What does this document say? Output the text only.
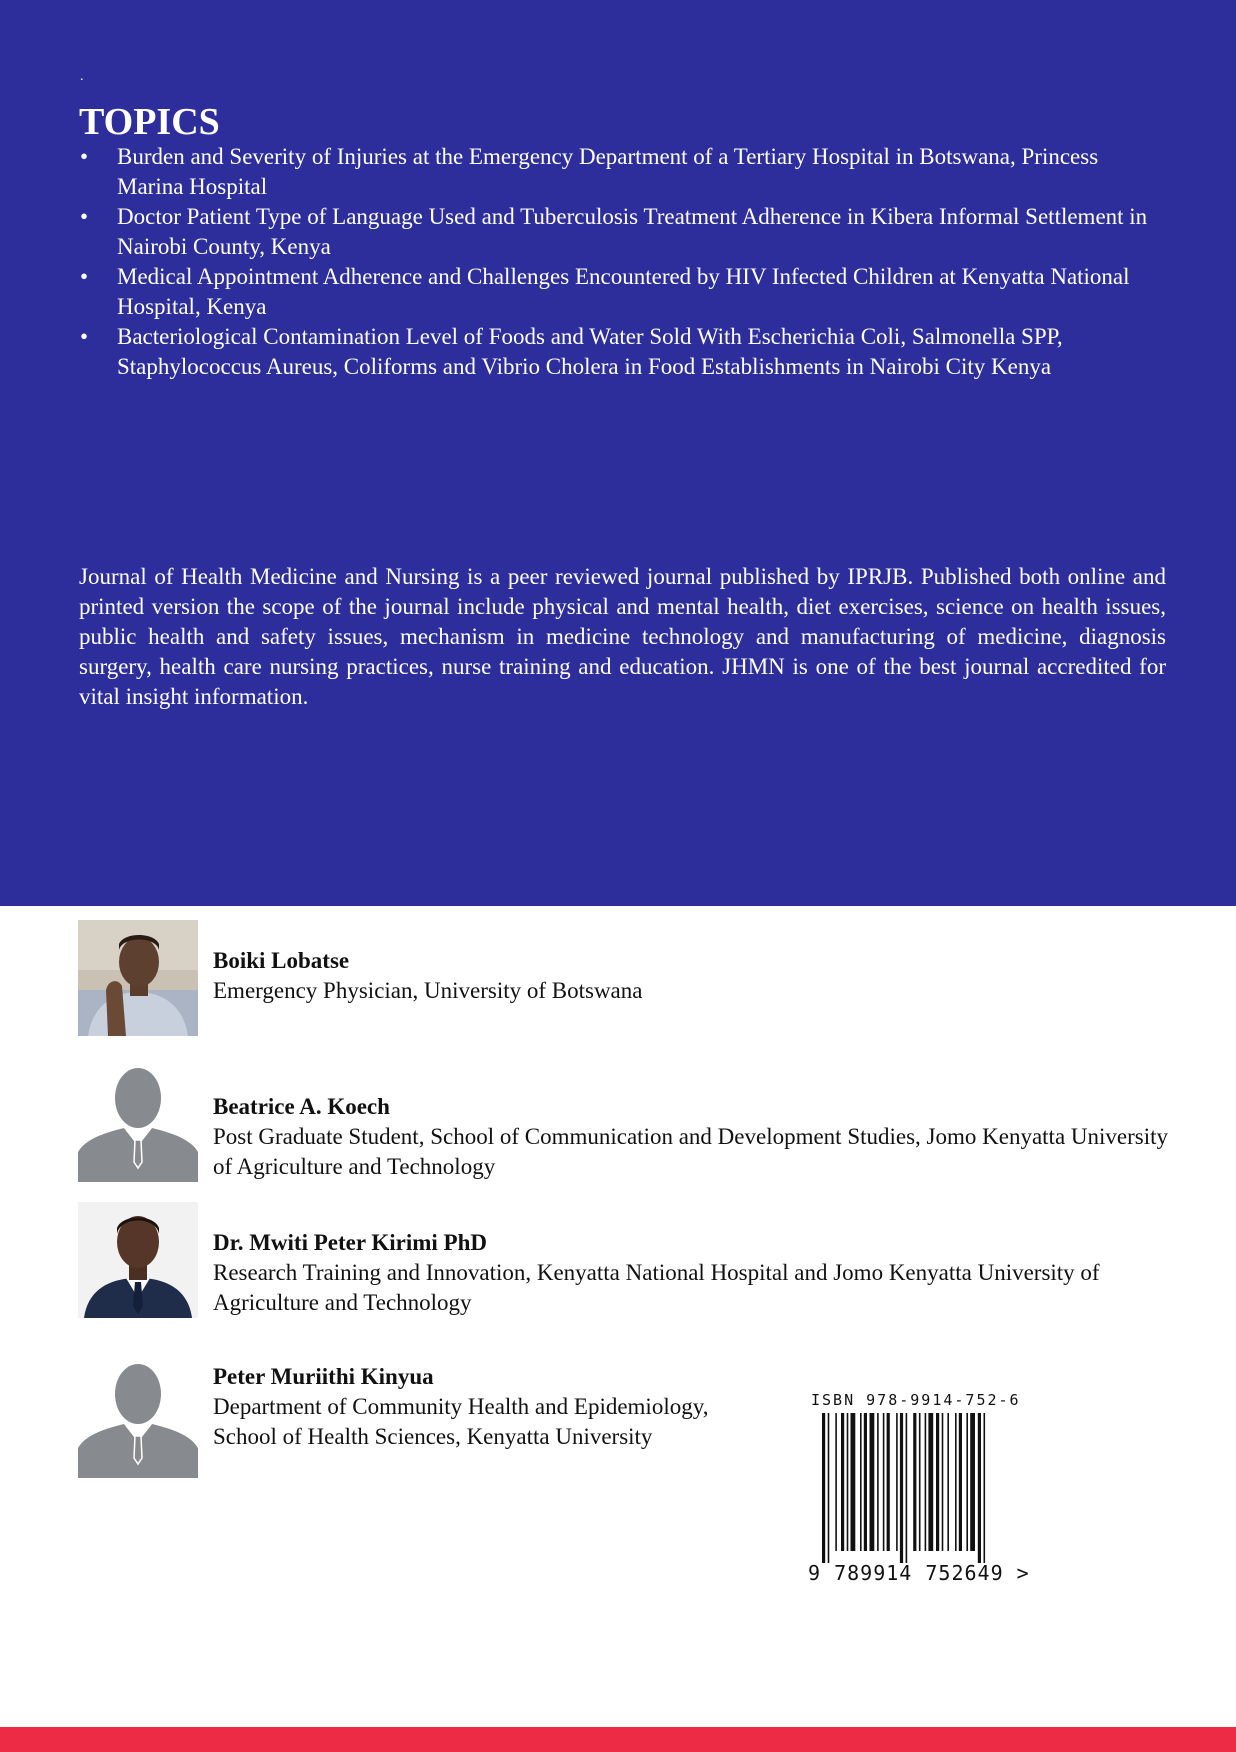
.
TOPICS
• Burden and Severity of Injuries at the Emergency Department of a Tertiary Hospital in Botswana, Princess Marina Hospital
• Doctor Patient Type of Language Used and Tuberculosis Treatment Adherence in Kibera Informal Settlement in Nairobi County, Kenya
• Medical Appointment Adherence and Challenges Encountered by HIV Infected Children at Kenyatta National Hospital, Kenya
• Bacteriological Contamination Level of Foods and Water Sold With Escherichia Coli, Salmonella SPP, Staphylococcus Aureus, Coliforms and Vibrio Cholera in Food Establishments in Nairobi City Kenya

Journal of Health Medicine and Nursing is a peer reviewed journal published by IPRJB. Published both online and printed version the scope of the journal include physical and mental health, diet exercises, science on health issues, public health and safety issues, mechanism in medicine technology and manufacturing of medicine, diagnosis surgery, health care nursing practices, nurse training and education. JHMN is one of the best journal accredited for vital insight information.

Boiki Lobatse
Emergency Physician, University of Botswana
Beatrice A. Koech
Post Graduate Student, School of Communication and Development Studies, Jomo Kenyatta University of Agriculture and Technology
Dr. Mwiti Peter Kirimi PhD
Research Training and Innovation, Kenyatta National Hospital and Jomo Kenyatta University of Agriculture and Technology
Peter Muriithi Kinyua
Department of Community Health and Epidemiology,
School of Health Sciences, Kenyatta University
ISBN 978-9914-752-6
9 789914 752649 >
